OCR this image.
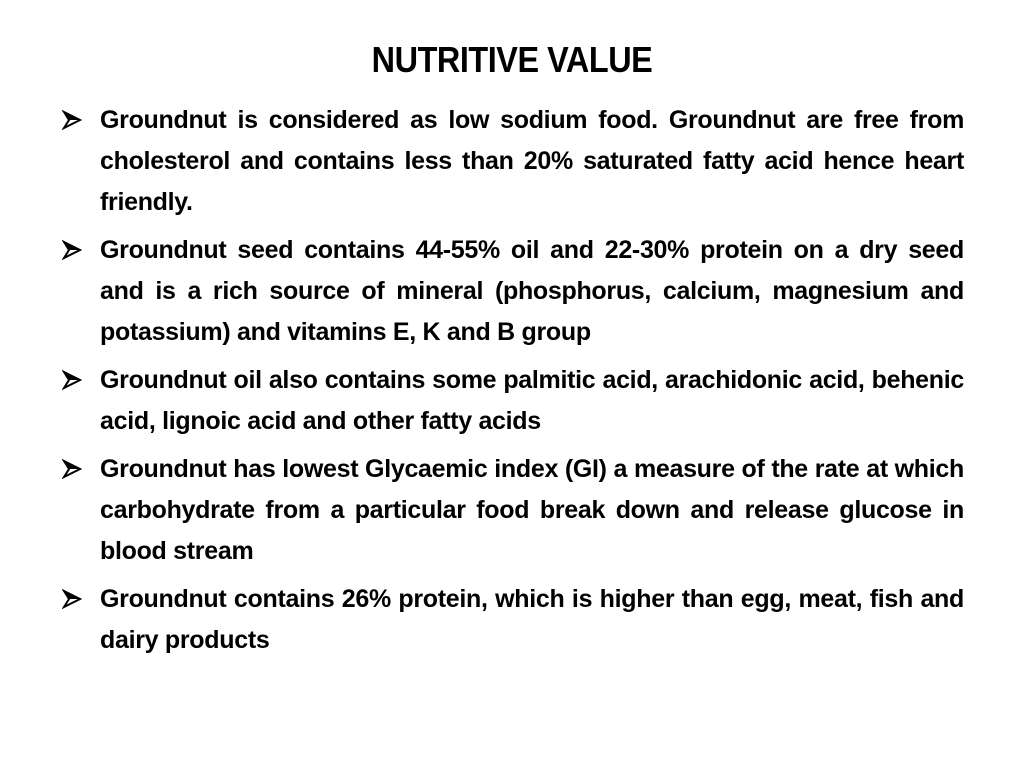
NUTRITIVE VALUE
Groundnut is considered as low sodium food. Groundnut are free from cholesterol and contains less than 20% saturated fatty acid hence heart friendly.
Groundnut seed contains 44-55% oil and 22-30% protein on a dry seed and is a rich source of mineral (phosphorus, calcium, magnesium and potassium) and vitamins E, K and B group
Groundnut oil also contains some palmitic acid, arachidonic acid, behenic acid, lignoic acid and other fatty acids
Groundnut has lowest Glycaemic index (GI) a measure of the rate at which carbohydrate from a particular food break down and release glucose in blood stream
Groundnut contains 26% protein, which is higher than egg, meat, fish and dairy products
